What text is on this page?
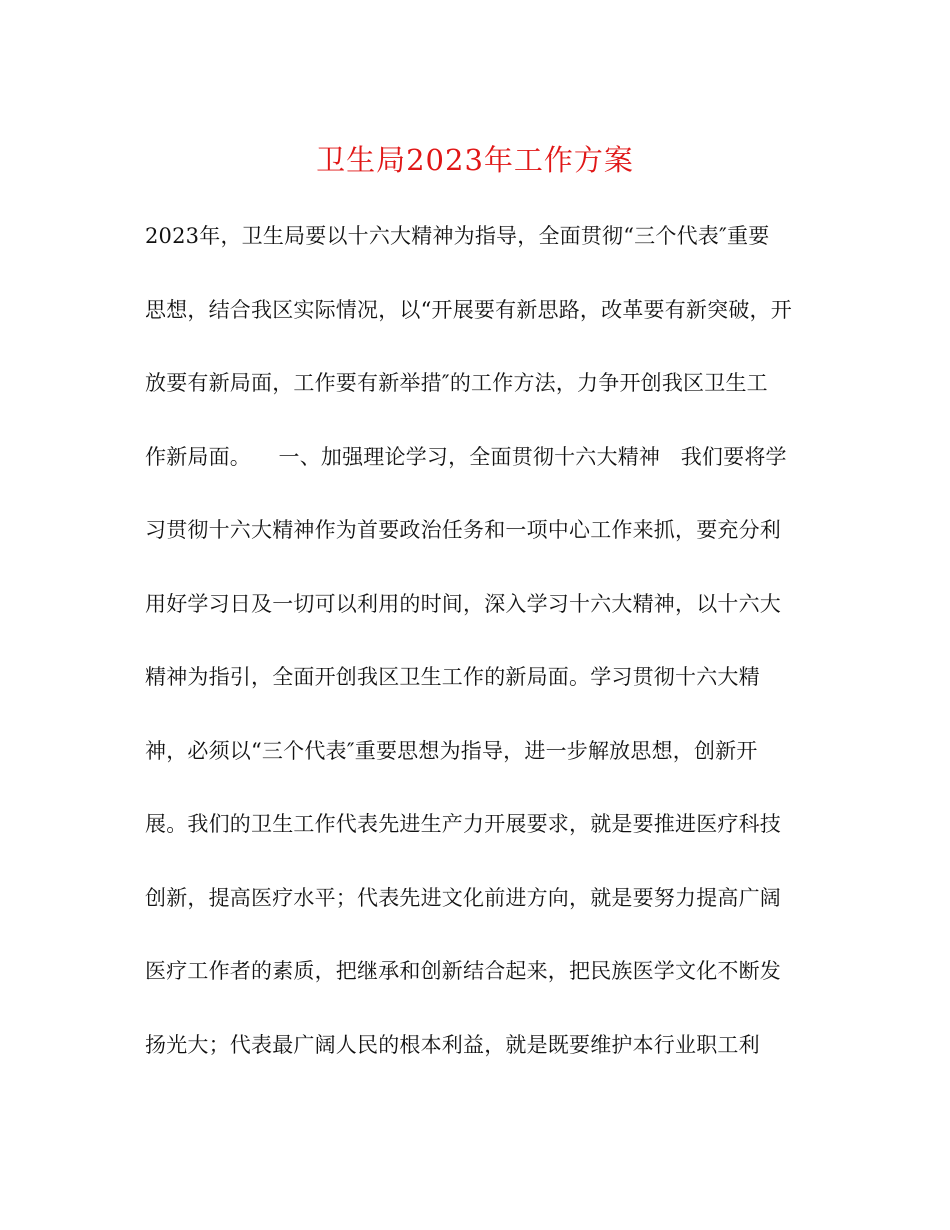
卫生局2023年工作方案
2023年，卫生局要以十六大精神为指导，全面贯彻“三个代表″重要
思想，结合我区实际情况，以“开展要有新思路，改革要有新突破，开
放要有新局面，工作要有新举措″的工作方法，力争开创我区卫生工
作新局面。    一、加强理论学习，全面贯彻十六大精神   我们要将学
习贯彻十六大精神作为首要政治任务和一项中心工作来抓，要充分利
用好学习日及一切可以利用的时间，深入学习十六大精神，以十六大
精神为指引，全面开创我区卫生工作的新局面。学习贯彻十六大精
神，必须以“三个代表″重要思想为指导，进一步解放思想，创新开
展。我们的卫生工作代表先进生产力开展要求，就是要推进医疗科技
创新，提高医疗水平；代表先进文化前进方向，就是要努力提高广阔
医疗工作者的素质，把继承和创新结合起来，把民族医学文化不断发
扬光大；代表最广阔人民的根本利益，就是既要维护本行业职工利
